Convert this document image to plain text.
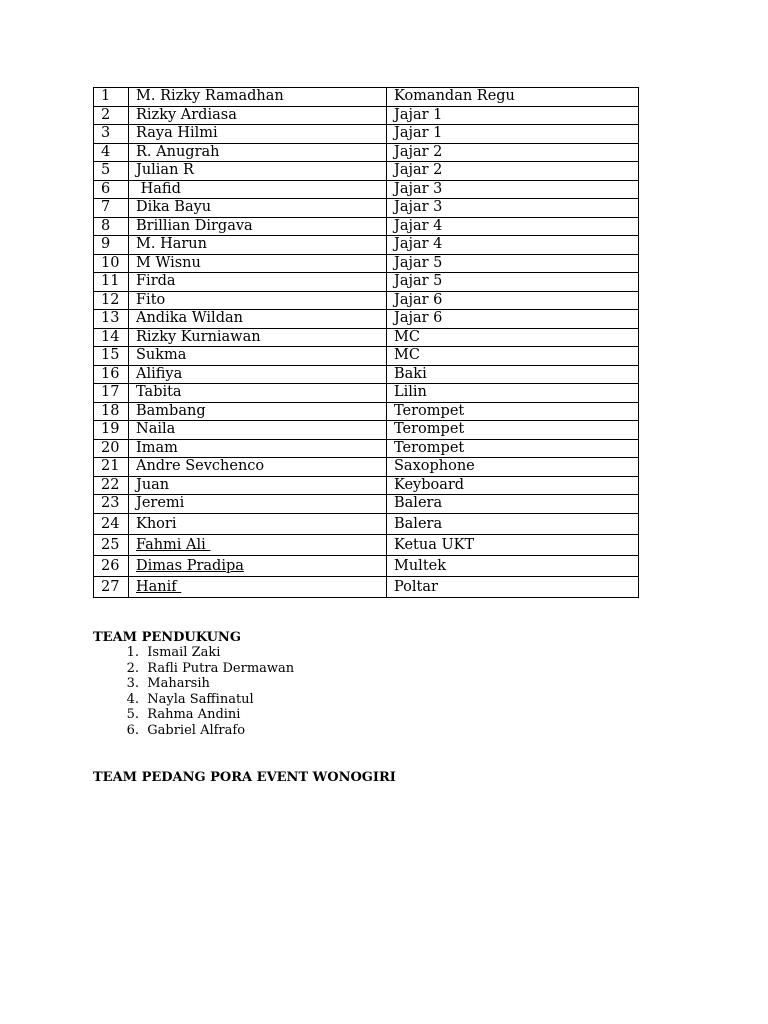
1	M. Rizky Ramadhan	Komandan Regu
2	Rizky Ardiasa	Jajar 1
3	Raya Hilmi	Jajar 1
4	R. Anugrah	Jajar 2
5	Julian R	Jajar 2
6	Hafid	Jajar 3
7	Dika Bayu	Jajar 3
8	Brillian Dirgava	Jajar 4
9	M. Harun	Jajar 4
10	M Wisnu	Jajar 5
11	Firda	Jajar 5
12	Fito	Jajar 6
13	Andika Wildan	Jajar 6
14	Rizky Kurniawan	MC
15	Sukma	MC
16	Alifiya	Baki
17	Tabita	Lilin
18	Bambang	Terompet
19	Naila	Terompet
20	Imam	Terompet
21	Andre Sevchenco	Saxophone
22	Juan	Keyboard
23	Jeremi	Balera
24	Khori	Balera
25	Fahmi Ali	Ketua UKT
26	Dimas Pradipa	Multek
27	Hanif	Poltar
TEAM PENDUKUNG
1. Ismail Zaki
2. Rafli Putra Dermawan
3. Maharsih
4. Nayla Saffinatul
5. Rahma Andini
6. Gabriel Alfrafo
TEAM PEDANG PORA EVENT WONOGIRI
